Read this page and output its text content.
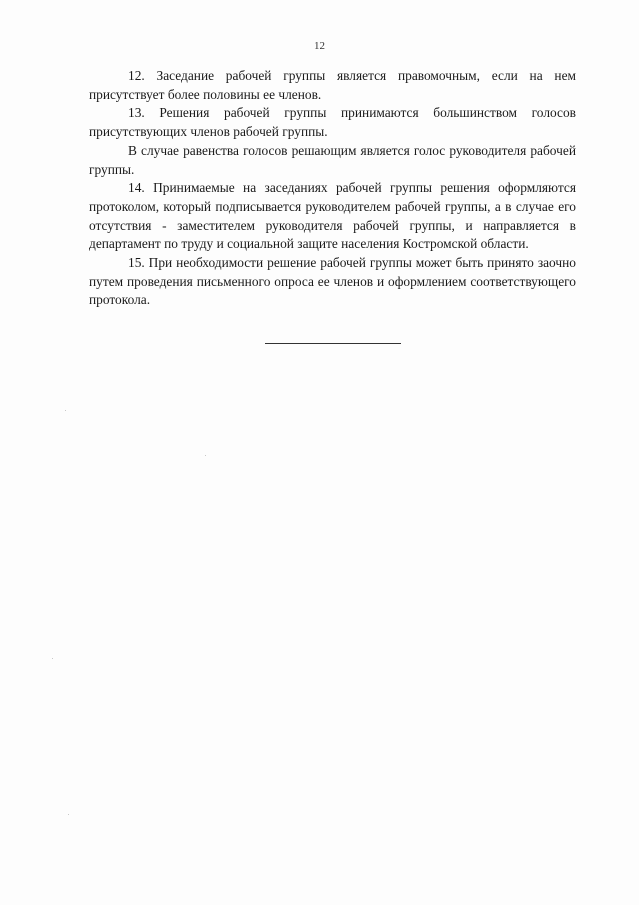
12

12. Заседание рабочей группы является правомочным, если на нем присутствует более половины ее членов.

13. Решения рабочей группы принимаются большинством голосов присутствующих членов рабочей группы.

В случае равенства голосов решающим является голос руководителя рабочей группы.

14. Принимаемые на заседаниях рабочей группы решения оформляются протоколом, который подписывается руководителем рабочей группы, а в случае его отсутствия - заместителем руководителя рабочей группы, и направляется в департамент по труду и социальной защите населения Костромской области.

15. При необходимости решение рабочей группы может быть принято заочно путем проведения письменного опроса ее членов и оформлением соответствующего протокола.
